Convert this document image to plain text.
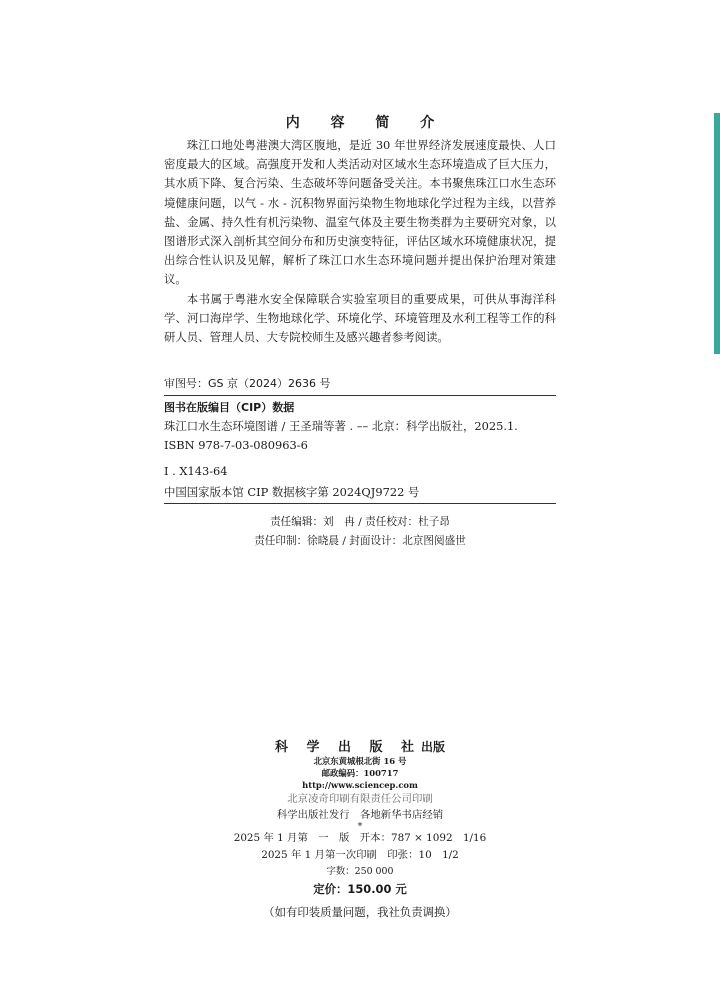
内 容 简 介

珠江口地处粤港澳大湾区腹地，是近 30 年世界经济发展速度最快、人口密度最大的区域。高强度开发和人类活动对区域水生态环境造成了巨大压力，其水质下降、复合污染、生态破坏等问题备受关注。本书聚焦珠江口水生态环境健康问题，以气 - 水 - 沉积物界面污染物生物地球化学过程为主线，以营养盐、金属、持久性有机污染物、温室气体及主要生物类群为主要研究对象，以图谱形式深入剖析其空间分布和历史演变特征，评估区域水环境健康状况，提出综合性认识及见解，解析了珠江口水生态环境问题并提出保护治理对策建议。

本书属于粤港水安全保障联合实验室项目的重要成果，可供从事海洋科学、河口海岸学、生物地球化学、环境化学、环境管理及水利工程等工作的科研人员、管理人员、大专院校师生及感兴趣者参考阅读。

审图号：GS 京（2024）2636 号
图书在版编目（CIP）数据
珠江口水生态环境图谱 / 王圣瑞等著 . –– 北京：科学出版社，2025.1.
ISBN 978-7-03-080963-6
Ⅰ . X143-64
中国国家版本馆 CIP 数据核字第 2024QJ9722 号
责任编辑：刘　冉 / 责任校对：杜子昂
责任印制：徐晓晨 / 封面设计：北京图阅盛世
科 学 出 版 社出版
北京东黄城根北街 16 号
邮政编码：100717
http://www.sciencep.com
北京凌奇印刷有限责任公司印刷
科学出版社发行　各地新华书店经销
*
2025 年 1 月第　一　版　开本：787 × 1092　1/16
2025 年 1 月第一次印刷　印张：10　1/2
字数：250 000
定价：150.00 元
（如有印装质量问题，我社负责调换）
